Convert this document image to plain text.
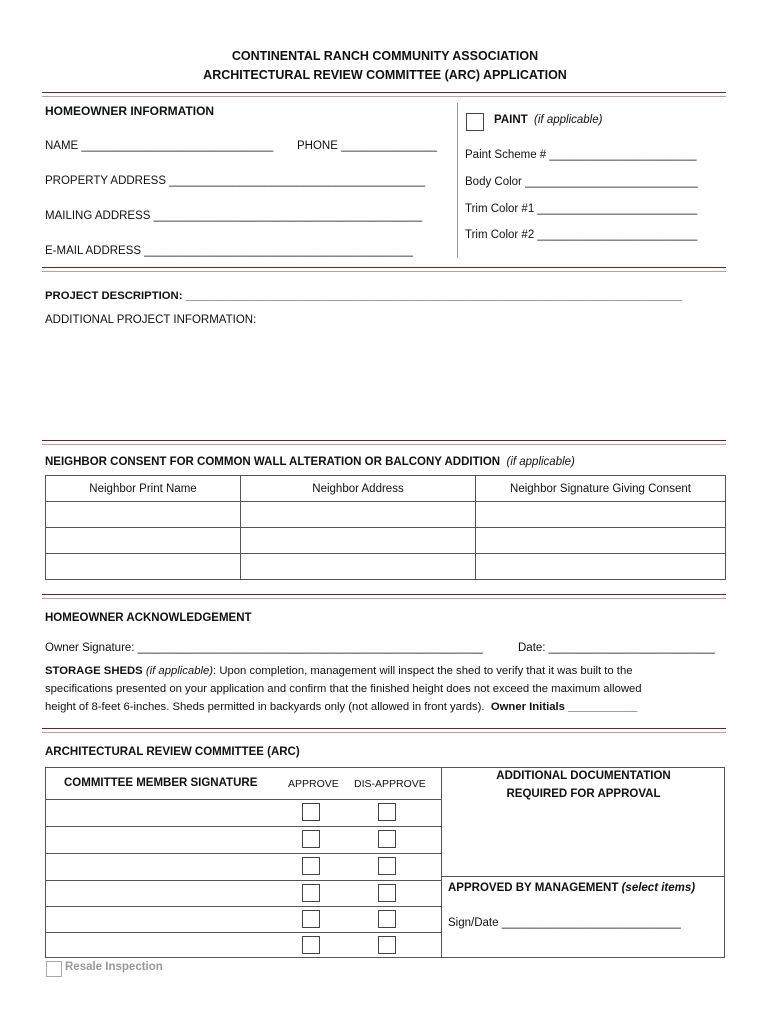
CONTINENTAL RANCH COMMUNITY ASSOCIATION
ARCHITECTURAL REVIEW COMMITTEE (ARC) APPLICATION
HOMEOWNER INFORMATION
NAME ______________________________ PHONE _______________
PROPERTY ADDRESS ________________________________________
MAILING ADDRESS __________________________________________
E-MAIL ADDRESS __________________________________________
PAINT (if applicable)
Paint Scheme # _______________________
Body Color ___________________________
Trim Color #1 _________________________
Trim Color #2 _________________________
PROJECT DESCRIPTION: _______________________________________________________________________________
ADDITIONAL PROJECT INFORMATION:
NEIGHBOR CONSENT FOR COMMON WALL ALTERATION OR BALCONY ADDITION (if applicable)
Neighbor Print Name	Neighbor Address	Neighbor Signature Giving Consent

HOMEOWNER ACKNOWLEDGEMENT
Owner Signature: ______________________________________________________	Date: __________________________
STORAGE SHEDS (if applicable): Upon completion, management will inspect the shed to verify that it was built to the
specifications presented on your application and confirm that the finished height does not exceed the maximum allowed
height of 8-feet 6-inches. Sheds permitted in backyards only (not allowed in front yards). Owner Initials ___________
ARCHITECTURAL REVIEW COMMITTEE (ARC)
COMMITTEE MEMBER SIGNATURE	APPROVE DIS-APPROVE
ADDITIONAL DOCUMENTATION
REQUIRED FOR APPROVAL
APPROVED BY MANAGEMENT (select items)
Sign/Date ____________________________
Resale Inspection
